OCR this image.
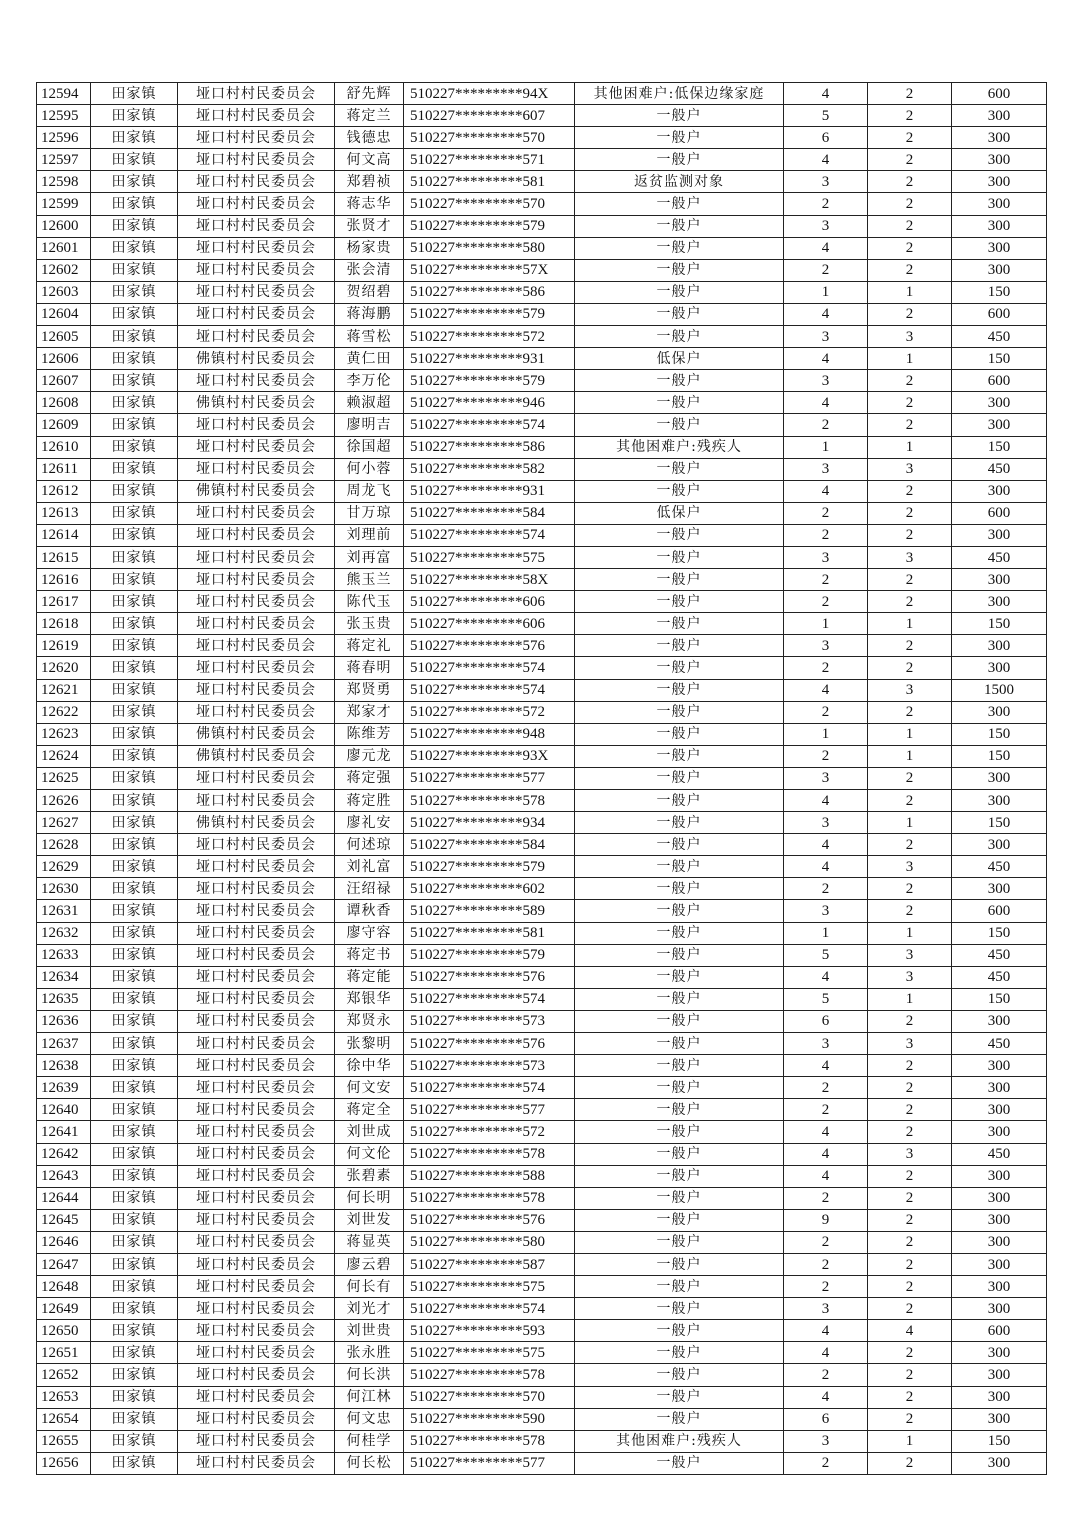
12594	田家镇	垭口村村民委员会	舒先辉	510227*********94X	其他困难户:低保边缘家庭	4	2	600
12595	田家镇	垭口村村民委员会	蒋定兰	510227*********607	一般户	5	2	300
12596	田家镇	垭口村村民委员会	钱德忠	510227*********570	一般户	6	2	300
12597	田家镇	垭口村村民委员会	何文高	510227*********571	一般户	4	2	300
12598	田家镇	垭口村村民委员会	郑碧祯	510227*********581	返贫监测对象	3	2	300
12599	田家镇	垭口村村民委员会	蒋志华	510227*********570	一般户	2	2	300
12600	田家镇	垭口村村民委员会	张贤才	510227*********579	一般户	3	2	300
12601	田家镇	垭口村村民委员会	杨家贵	510227*********580	一般户	4	2	300
12602	田家镇	垭口村村民委员会	张会清	510227*********57X	一般户	2	2	300
12603	田家镇	垭口村村民委员会	贺绍碧	510227*********586	一般户	1	1	150
12604	田家镇	垭口村村民委员会	蒋海鹏	510227*********579	一般户	4	2	600
12605	田家镇	垭口村村民委员会	蒋雪松	510227*********572	一般户	3	3	450
12606	田家镇	佛镇村村民委员会	黄仁田	510227*********931	低保户	4	1	150
12607	田家镇	垭口村村民委员会	李万伦	510227*********579	一般户	3	2	600
12608	田家镇	佛镇村村民委员会	赖淑超	510227*********946	一般户	4	2	300
12609	田家镇	垭口村村民委员会	廖明吉	510227*********574	一般户	2	2	300
12610	田家镇	垭口村村民委员会	徐国超	510227*********586	其他困难户:残疾人	1	1	150
12611	田家镇	垭口村村民委员会	何小蓉	510227*********582	一般户	3	3	450
12612	田家镇	佛镇村村民委员会	周龙飞	510227*********931	一般户	4	2	300
12613	田家镇	垭口村村民委员会	甘万琼	510227*********584	低保户	2	2	600
12614	田家镇	垭口村村民委员会	刘理前	510227*********574	一般户	2	2	300
12615	田家镇	垭口村村民委员会	刘再富	510227*********575	一般户	3	3	450
12616	田家镇	垭口村村民委员会	熊玉兰	510227*********58X	一般户	2	2	300
12617	田家镇	垭口村村民委员会	陈代玉	510227*********606	一般户	2	2	300
12618	田家镇	垭口村村民委员会	张玉贵	510227*********606	一般户	1	1	150
12619	田家镇	垭口村村民委员会	蒋定礼	510227*********576	一般户	3	2	300
12620	田家镇	垭口村村民委员会	蒋春明	510227*********574	一般户	2	2	300
12621	田家镇	垭口村村民委员会	郑贤勇	510227*********574	一般户	4	3	1500
12622	田家镇	垭口村村民委员会	郑家才	510227*********572	一般户	2	2	300
12623	田家镇	佛镇村村民委员会	陈维芳	510227*********948	一般户	1	1	150
12624	田家镇	佛镇村村民委员会	廖元龙	510227*********93X	一般户	2	1	150
12625	田家镇	垭口村村民委员会	蒋定强	510227*********577	一般户	3	2	300
12626	田家镇	垭口村村民委员会	蒋定胜	510227*********578	一般户	4	2	300
12627	田家镇	佛镇村村民委员会	廖礼安	510227*********934	一般户	3	1	150
12628	田家镇	垭口村村民委员会	何述琼	510227*********584	一般户	4	2	300
12629	田家镇	垭口村村民委员会	刘礼富	510227*********579	一般户	4	3	450
12630	田家镇	垭口村村民委员会	汪绍禄	510227*********602	一般户	2	2	300
12631	田家镇	垭口村村民委员会	谭秋香	510227*********589	一般户	3	2	600
12632	田家镇	垭口村村民委员会	廖守容	510227*********581	一般户	1	1	150
12633	田家镇	垭口村村民委员会	蒋定书	510227*********579	一般户	5	3	450
12634	田家镇	垭口村村民委员会	蒋定能	510227*********576	一般户	4	3	450
12635	田家镇	垭口村村民委员会	郑银华	510227*********574	一般户	5	1	150
12636	田家镇	垭口村村民委员会	郑贤永	510227*********573	一般户	6	2	300
12637	田家镇	垭口村村民委员会	张黎明	510227*********576	一般户	3	3	450
12638	田家镇	垭口村村民委员会	徐中华	510227*********573	一般户	4	2	300
12639	田家镇	垭口村村民委员会	何文安	510227*********574	一般户	2	2	300
12640	田家镇	垭口村村民委员会	蒋定全	510227*********577	一般户	2	2	300
12641	田家镇	垭口村村民委员会	刘世成	510227*********572	一般户	4	2	300
12642	田家镇	垭口村村民委员会	何文伦	510227*********578	一般户	4	3	450
12643	田家镇	垭口村村民委员会	张碧素	510227*********588	一般户	4	2	300
12644	田家镇	垭口村村民委员会	何长明	510227*********578	一般户	2	2	300
12645	田家镇	垭口村村民委员会	刘世发	510227*********576	一般户	9	2	300
12646	田家镇	垭口村村民委员会	蒋显英	510227*********580	一般户	2	2	300
12647	田家镇	垭口村村民委员会	廖云碧	510227*********587	一般户	2	2	300
12648	田家镇	垭口村村民委员会	何长有	510227*********575	一般户	2	2	300
12649	田家镇	垭口村村民委员会	刘光才	510227*********574	一般户	3	2	300
12650	田家镇	垭口村村民委员会	刘世贵	510227*********593	一般户	4	4	600
12651	田家镇	垭口村村民委员会	张永胜	510227*********575	一般户	4	2	300
12652	田家镇	垭口村村民委员会	何长洪	510227*********578	一般户	2	2	300
12653	田家镇	垭口村村民委员会	何江林	510227*********570	一般户	4	2	300
12654	田家镇	垭口村村民委员会	何文忠	510227*********590	一般户	6	2	300
12655	田家镇	垭口村村民委员会	何桂学	510227*********578	其他困难户:残疾人	3	1	150
12656	田家镇	垭口村村民委员会	何长松	510227*********577	一般户	2	2	300
